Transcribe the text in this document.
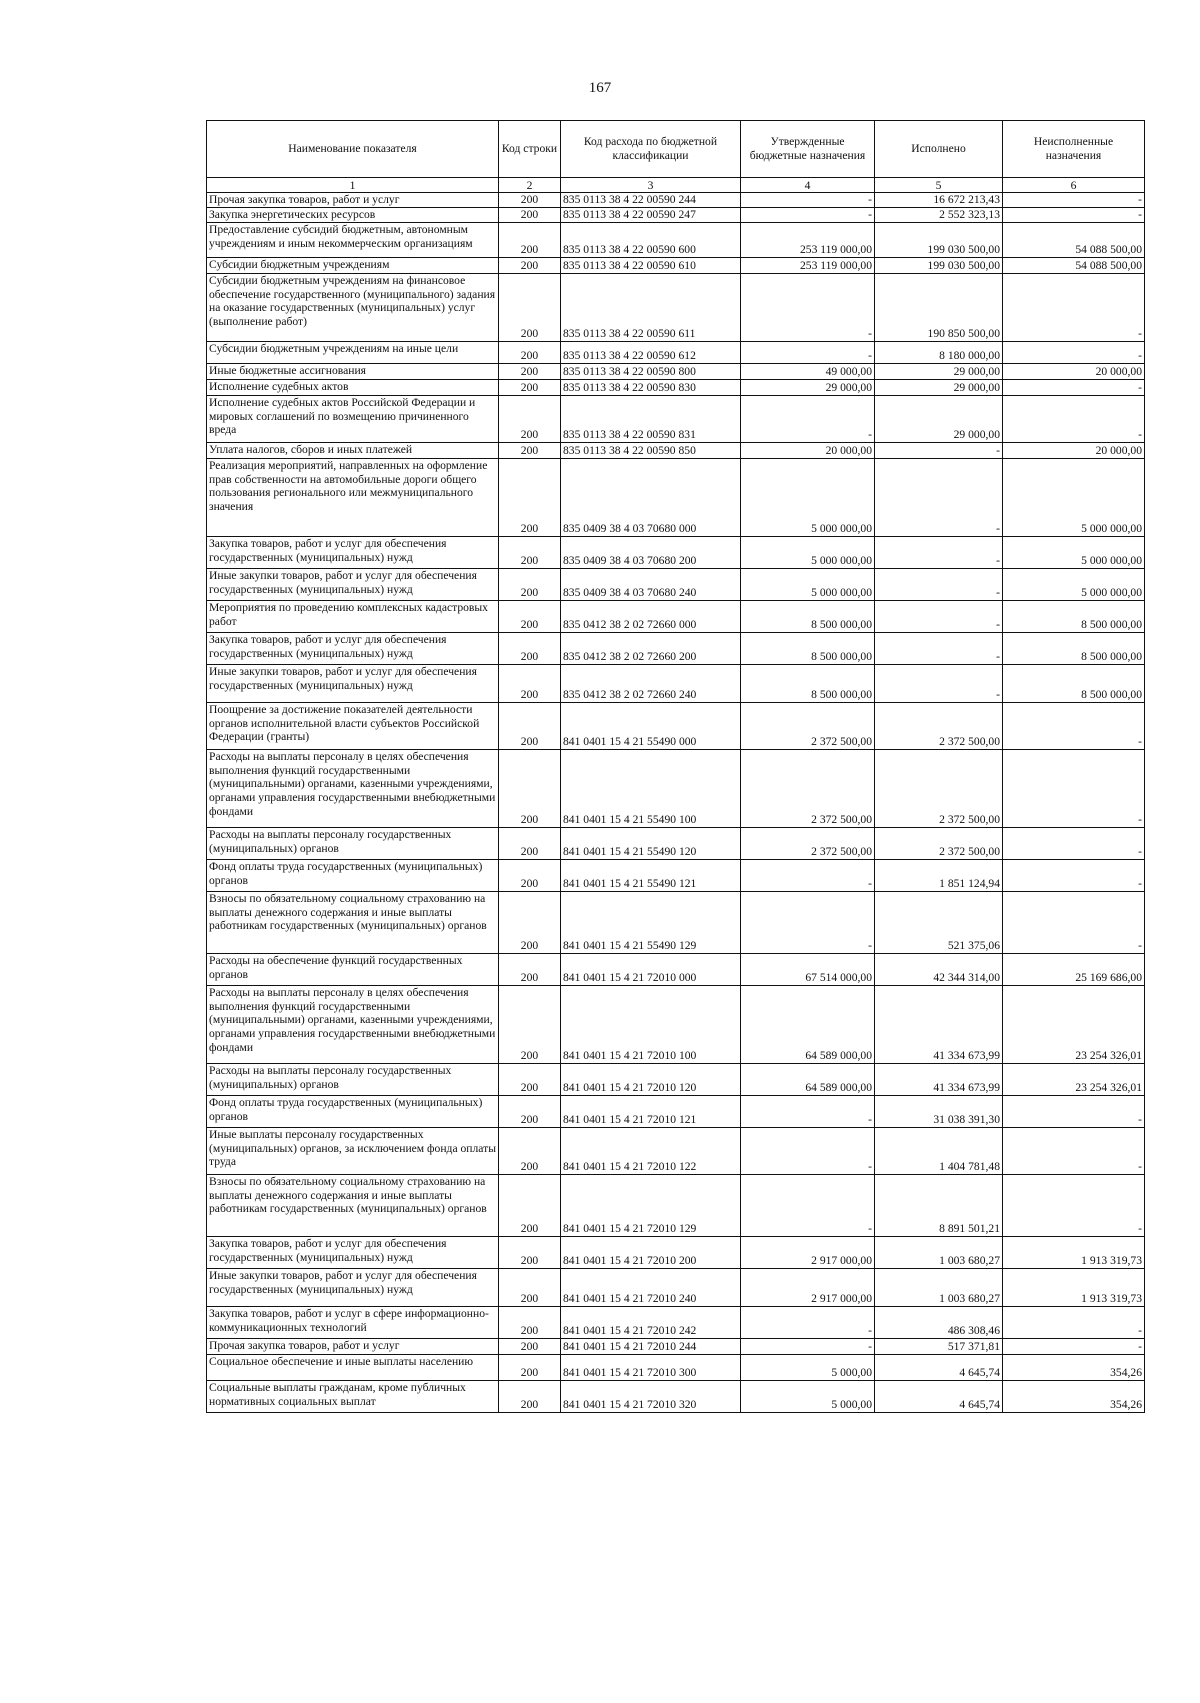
167
Наименование показателя	Код строки	Код расхода по бюджетной классификации	Утвержденные бюджетные назначения	Исполнено	Неисполненные назначения
1	2	3	4	5	6
Прочая закупка товаров, работ и услуг	200	835 0113 38 4 22 00590 244	-	16 672 213,43	-
Закупка энергетических ресурсов	200	835 0113 38 4 22 00590 247	-	2 552 323,13	-
Предоставление субсидий бюджетным, автономным учреждениям и иным некоммерческим организациям	200	835 0113 38 4 22 00590 600	253 119 000,00	199 030 500,00	54 088 500,00
Субсидии бюджетным учреждениям	200	835 0113 38 4 22 00590 610	253 119 000,00	199 030 500,00	54 088 500,00
Субсидии бюджетным учреждениям на финансовое обеспечение государственного (муниципального) задания на оказание государственных (муниципальных) услуг (выполнение работ)	200	835 0113 38 4 22 00590 611	-	190 850 500,00	-
Субсидии бюджетным учреждениям на иные цели	200	835 0113 38 4 22 00590 612	-	8 180 000,00	-
Иные бюджетные ассигнования	200	835 0113 38 4 22 00590 800	49 000,00	29 000,00	20 000,00
Исполнение судебных актов	200	835 0113 38 4 22 00590 830	29 000,00	29 000,00	-
Исполнение судебных актов Российской Федерации и мировых соглашений по возмещению причиненного вреда	200	835 0113 38 4 22 00590 831	-	29 000,00	-
Уплата налогов, сборов и иных платежей	200	835 0113 38 4 22 00590 850	20 000,00	-	20 000,00
Реализация мероприятий, направленных на оформление прав собственности на автомобильные дороги общего пользования регионального или межмуниципального значения	200	835 0409 38 4 03 70680 000	5 000 000,00	-	5 000 000,00
Закупка товаров, работ и услуг для обеспечения государственных (муниципальных) нужд	200	835 0409 38 4 03 70680 200	5 000 000,00	-	5 000 000,00
Иные закупки товаров, работ и услуг для обеспечения государственных (муниципальных) нужд	200	835 0409 38 4 03 70680 240	5 000 000,00	-	5 000 000,00
Мероприятия по проведению комплексных кадастровых работ	200	835 0412 38 2 02 72660 000	8 500 000,00	-	8 500 000,00
Закупка товаров, работ и услуг для обеспечения государственных (муниципальных) нужд	200	835 0412 38 2 02 72660 200	8 500 000,00	-	8 500 000,00
Иные закупки товаров, работ и услуг для обеспечения государственных (муниципальных) нужд	200	835 0412 38 2 02 72660 240	8 500 000,00	-	8 500 000,00
Поощрение за достижение показателей деятельности органов исполнительной власти субъектов Российской Федерации (гранты)	200	841 0401 15 4 21 55490 000	2 372 500,00	2 372 500,00	-
Расходы на выплаты персоналу в целях обеспечения выполнения функций государственными (муниципальными) органами, казенными учреждениями, органами управления государственными внебюджетными фондами	200	841 0401 15 4 21 55490 100	2 372 500,00	2 372 500,00	-
Расходы на выплаты персоналу государственных (муниципальных) органов	200	841 0401 15 4 21 55490 120	2 372 500,00	2 372 500,00	-
Фонд оплаты труда государственных (муниципальных) органов	200	841 0401 15 4 21 55490 121	-	1 851 124,94	-
Взносы по обязательному социальному страхованию на выплаты денежного содержания и иные выплаты работникам государственных (муниципальных) органов	200	841 0401 15 4 21 55490 129	-	521 375,06	-
Расходы на обеспечение функций государственных органов	200	841 0401 15 4 21 72010 000	67 514 000,00	42 344 314,00	25 169 686,00
Расходы на выплаты персоналу в целях обеспечения выполнения функций государственными (муниципальными) органами, казенными учреждениями, органами управления государственными внебюджетными фондами	200	841 0401 15 4 21 72010 100	64 589 000,00	41 334 673,99	23 254 326,01
Расходы на выплаты персоналу государственных (муниципальных) органов	200	841 0401 15 4 21 72010 120	64 589 000,00	41 334 673,99	23 254 326,01
Фонд оплаты труда государственных (муниципальных) органов	200	841 0401 15 4 21 72010 121	-	31 038 391,30	-
Иные выплаты персоналу государственных (муниципальных) органов, за исключением фонда оплаты труда	200	841 0401 15 4 21 72010 122	-	1 404 781,48	-
Взносы по обязательному социальному страхованию на выплаты денежного содержания и иные выплаты работникам государственных (муниципальных) органов	200	841 0401 15 4 21 72010 129	-	8 891 501,21	-
Закупка товаров, работ и услуг для обеспечения государственных (муниципальных) нужд	200	841 0401 15 4 21 72010 200	2 917 000,00	1 003 680,27	1 913 319,73
Иные закупки товаров, работ и услуг для обеспечения государственных (муниципальных) нужд	200	841 0401 15 4 21 72010 240	2 917 000,00	1 003 680,27	1 913 319,73
Закупка товаров, работ и услуг в сфере информационно-коммуникационных технологий	200	841 0401 15 4 21 72010 242	-	486 308,46	-
Прочая закупка товаров, работ и услуг	200	841 0401 15 4 21 72010 244	-	517 371,81	-
Социальное обеспечение и иные выплаты населению	200	841 0401 15 4 21 72010 300	5 000,00	4 645,74	354,26
Социальные выплаты гражданам, кроме публичных нормативных социальных выплат	200	841 0401 15 4 21 72010 320	5 000,00	4 645,74	354,26
